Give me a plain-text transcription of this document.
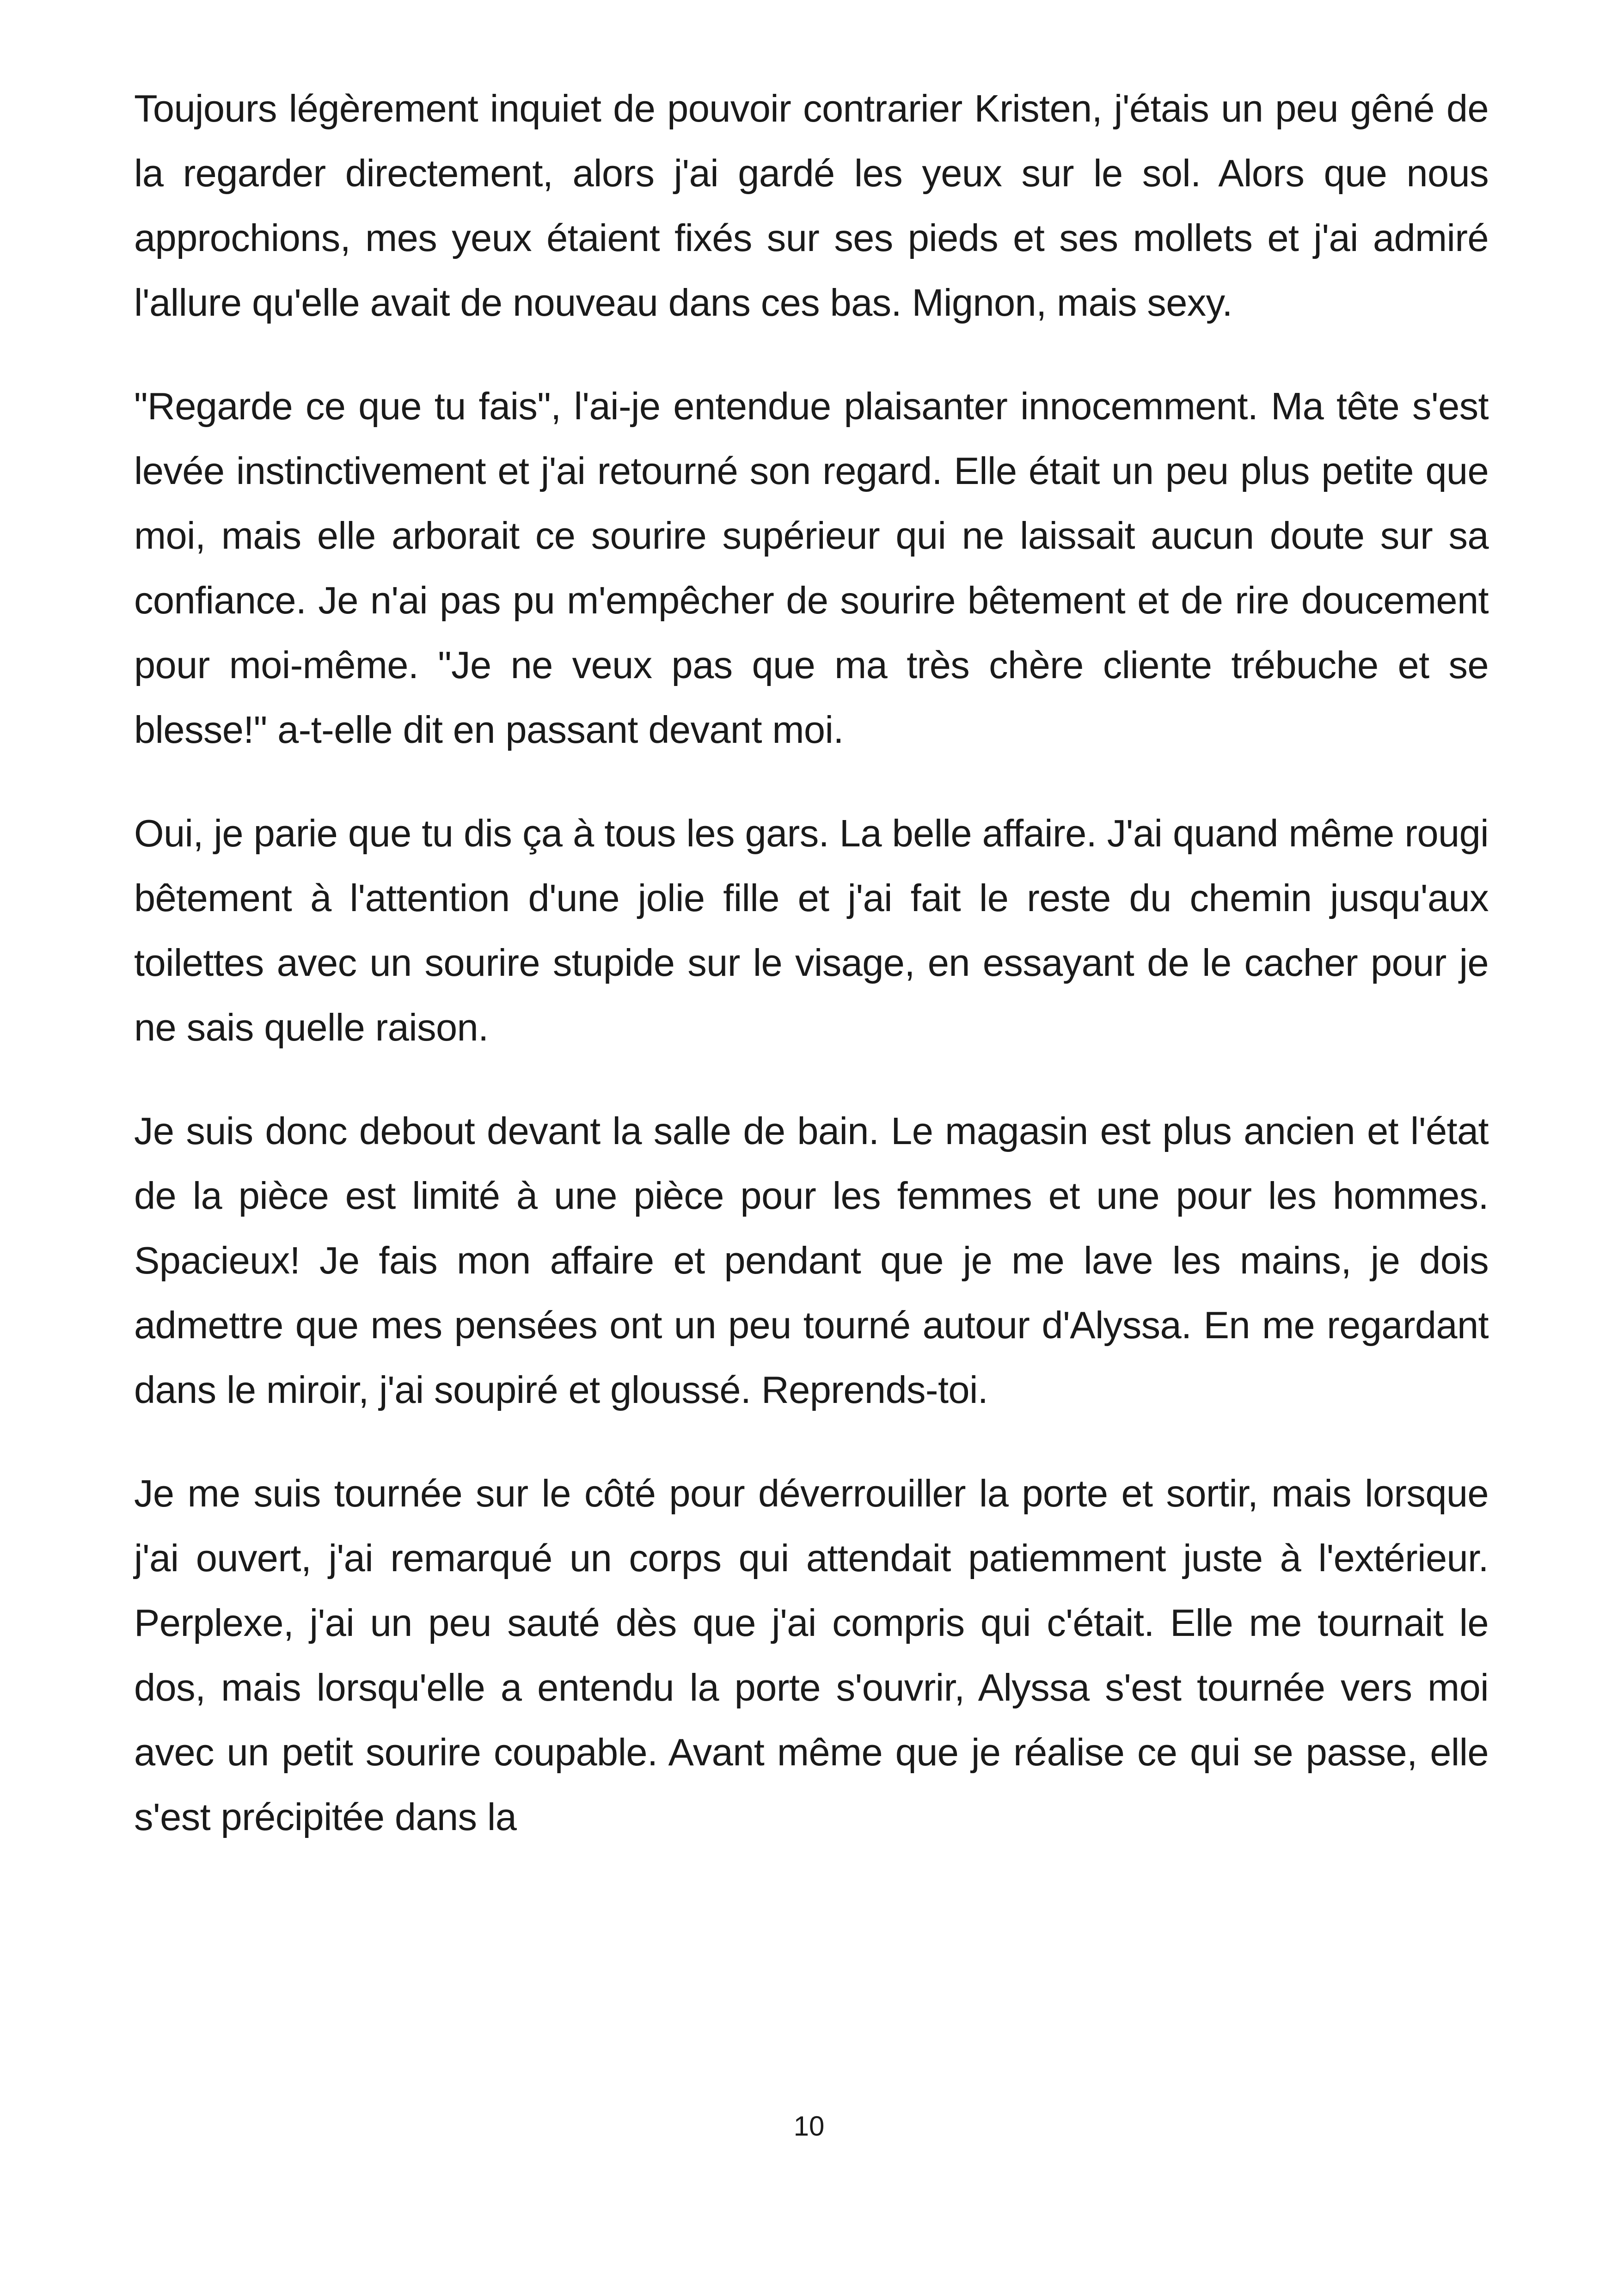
Toujours légèrement inquiet de pouvoir contrarier Kristen, j'étais un peu gêné de la regarder directement, alors j'ai gardé les yeux sur le sol. Alors que nous approchions, mes yeux étaient fixés sur ses pieds et ses mollets et j'ai admiré l'allure qu'elle avait de nouveau dans ces bas. Mignon, mais sexy.

"Regarde ce que tu fais", l'ai-je entendue plaisanter innocemment. Ma tête s'est levée instinctivement et j'ai retourné son regard. Elle était un peu plus petite que moi, mais elle arborait ce sourire supérieur qui ne laissait aucun doute sur sa confiance. Je n'ai pas pu m'empêcher de sourire bêtement et de rire doucement pour moi-même. "Je ne veux pas que ma très chère cliente trébuche et se blesse!" a-t-elle dit en passant devant moi.

Oui, je parie que tu dis ça à tous les gars. La belle affaire. J'ai quand même rougi bêtement à l'attention d'une jolie fille et j'ai fait le reste du chemin jusqu'aux toilettes avec un sourire stupide sur le visage, en essayant de le cacher pour je ne sais quelle raison.

Je suis donc debout devant la salle de bain. Le magasin est plus ancien et l'état de la pièce est limité à une pièce pour les femmes et une pour les hommes. Spacieux! Je fais mon affaire et pendant que je me lave les mains, je dois admettre que mes pensées ont un peu tourné autour d'Alyssa. En me regardant dans le miroir, j'ai soupiré et gloussé. Reprends-toi.

Je me suis tournée sur le côté pour déverrouiller la porte et sortir, mais lorsque j'ai ouvert, j'ai remarqué un corps qui attendait patiemment juste à l'extérieur. Perplexe, j'ai un peu sauté dès que j'ai compris qui c'était. Elle me tournait le dos, mais lorsqu'elle a entendu la porte s'ouvrir, Alyssa s'est tournée vers moi avec un petit sourire coupable. Avant même que je réalise ce qui se passe, elle s'est précipitée dans la

10
